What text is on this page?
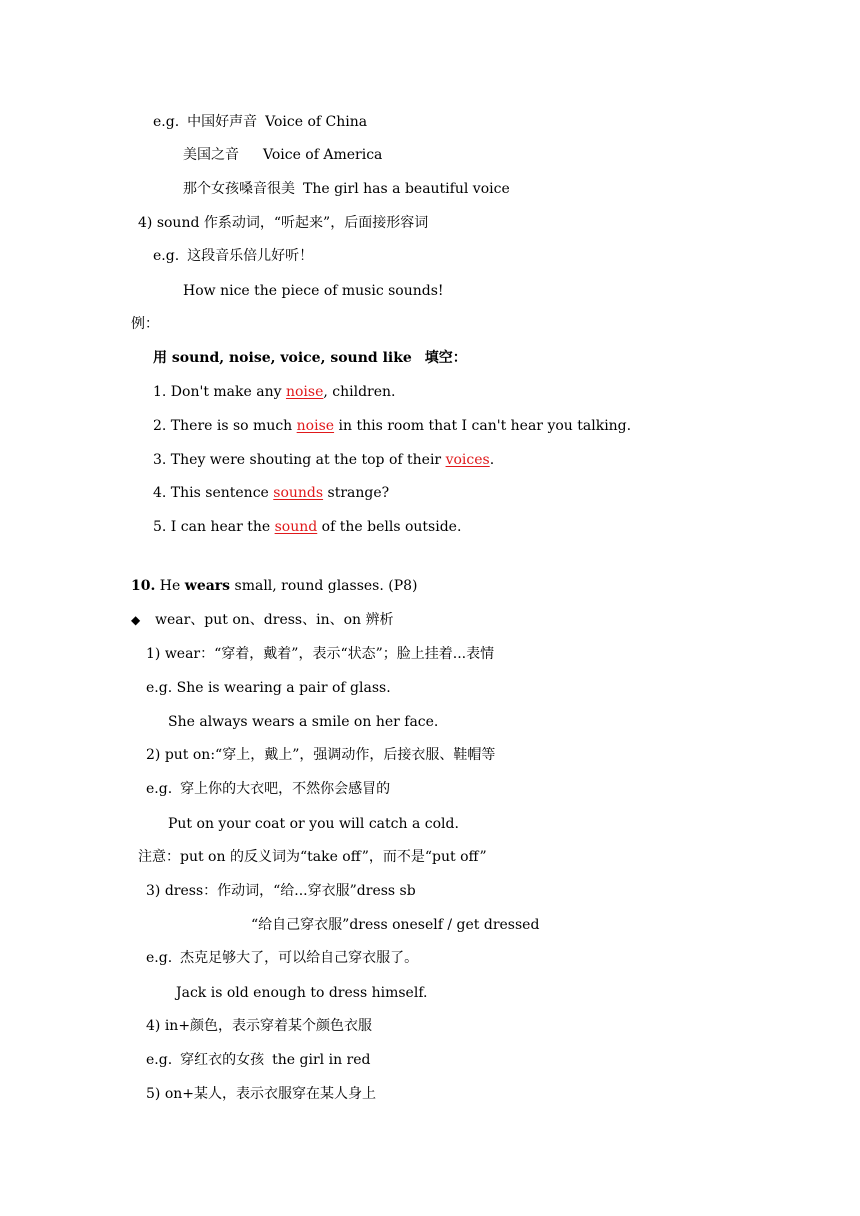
e.g. 中国好声音 Voice of China
美国之音 Voice of America
那个女孩嗓音很美 The girl has a beautiful voice
4) sound 作系动词，“听起来”，后面接形容词
e.g. 这段音乐倍儿好听！
How nice the piece of music sounds!
例：
用 sound, noise, voice, sound like 填空：
1. Don't make any noise, children.
2. There is so much noise in this room that I can't hear you talking.
3. They were shouting at the top of their voices.
4. This sentence sounds strange?
5. I can hear the sound of the bells outside.
10. He wears small, round glasses. (P8)
◆ wear、put on、dress、in、on 辨析
1) wear：“穿着，戴着”，表示“状态”；脸上挂着...表情
e.g. She is wearing a pair of glass.
She always wears a smile on her face.
2) put on:“穿上，戴上”，强调动作，后接衣服、鞋帽等
e.g. 穿上你的大衣吧，不然你会感冒的
Put on your coat or you will catch a cold.
注意：put on 的反义词为“take off”，而不是“put off”
3) dress：作动词，“给...穿衣服”dress sb
“给自己穿衣服”dress oneself / get dressed
e.g. 杰克足够大了，可以给自己穿衣服了。
Jack is old enough to dress himself.
4) in+颜色，表示穿着某个颜色衣服
e.g. 穿红衣的女孩 the girl in red
5) on+某人，表示衣服穿在某人身上
